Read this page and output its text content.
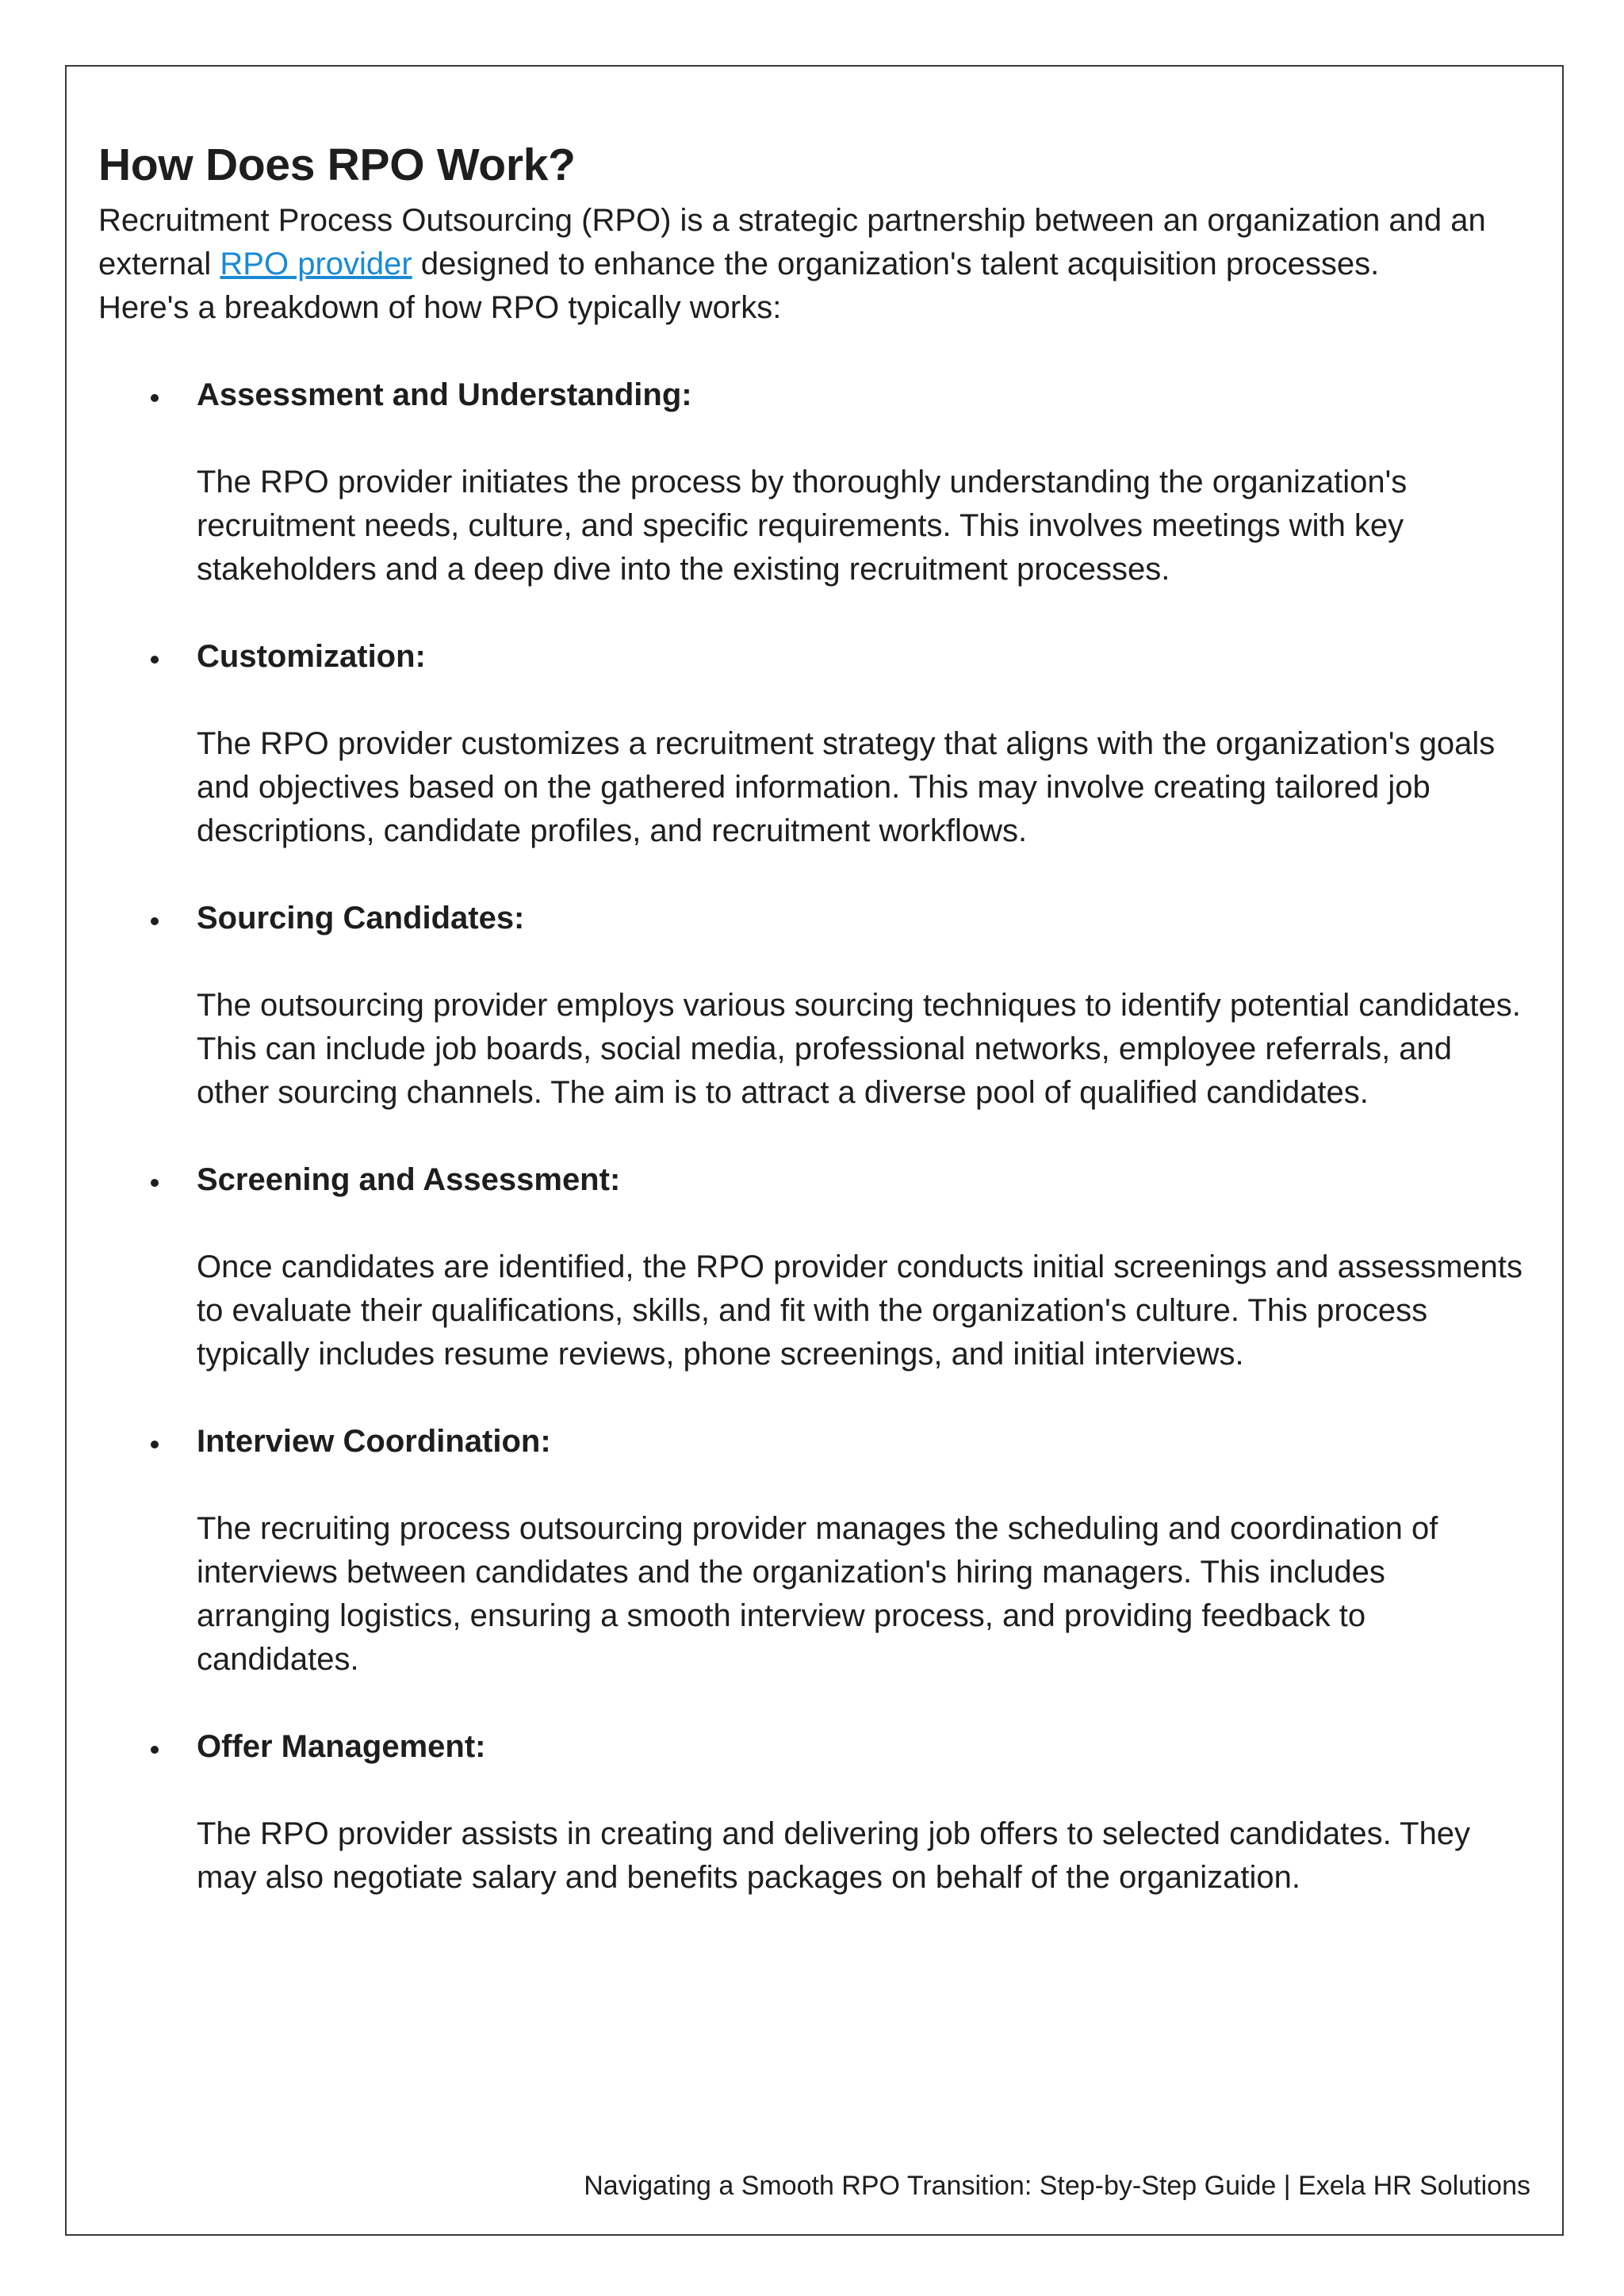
How Does RPO Work?

Recruitment Process Outsourcing (RPO) is a strategic partnership between an organization and an external RPO provider designed to enhance the organization's talent acquisition processes.

Here's a breakdown of how RPO typically works:

Assessment and Understanding:

The RPO provider initiates the process by thoroughly understanding the organization's recruitment needs, culture, and specific requirements. This involves meetings with key stakeholders and a deep dive into the existing recruitment processes.

Customization:

The RPO provider customizes a recruitment strategy that aligns with the organization's goals and objectives based on the gathered information. This may involve creating tailored job descriptions, candidate profiles, and recruitment workflows.

Sourcing Candidates:

The outsourcing provider employs various sourcing techniques to identify potential candidates. This can include job boards, social media, professional networks, employee referrals, and other sourcing channels. The aim is to attract a diverse pool of qualified candidates.

Screening and Assessment:

Once candidates are identified, the RPO provider conducts initial screenings and assessments to evaluate their qualifications, skills, and fit with the organization's culture. This process typically includes resume reviews, phone screenings, and initial interviews.

Interview Coordination:

The recruiting process outsourcing provider manages the scheduling and coordination of interviews between candidates and the organization's hiring managers. This includes arranging logistics, ensuring a smooth interview process, and providing feedback to candidates.

Offer Management:

The RPO provider assists in creating and delivering job offers to selected candidates. They may also negotiate salary and benefits packages on behalf of the organization.

Navigating a Smooth RPO Transition: Step-by-Step Guide | Exela HR Solutions
